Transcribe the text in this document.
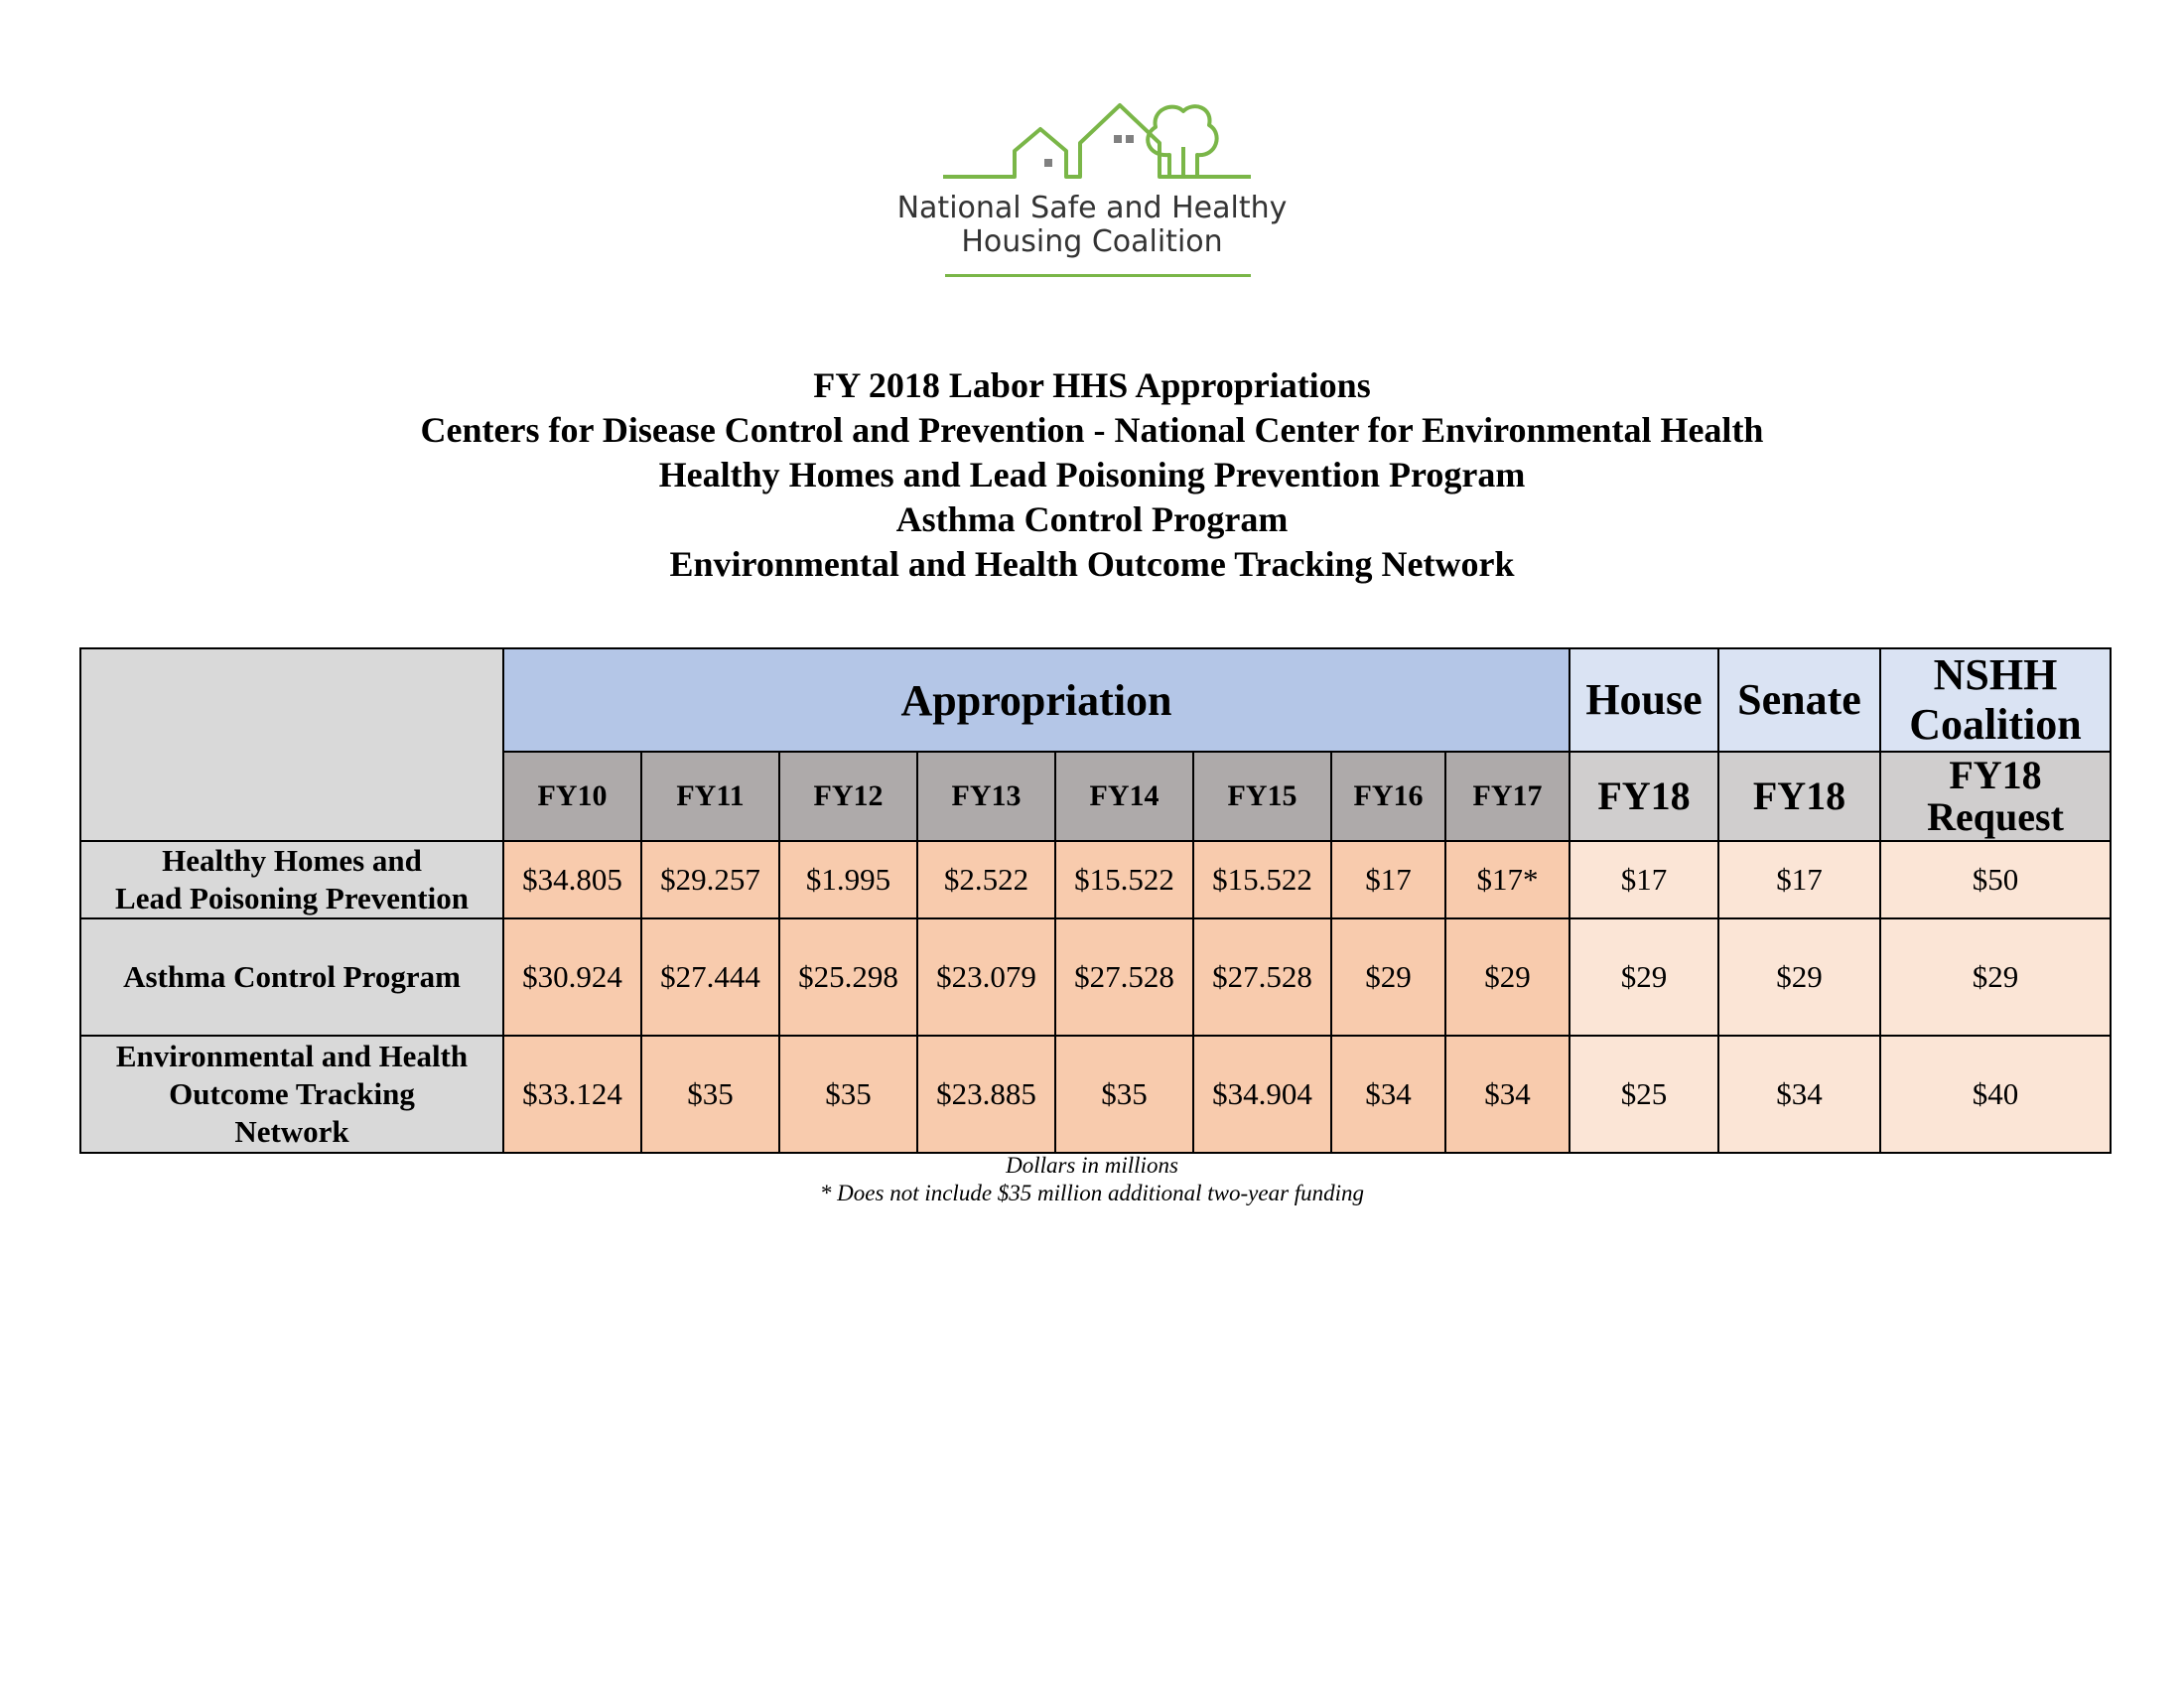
National Safe and Healthy
Housing Coalition
FY 2018 Labor HHS Appropriations
Centers for Disease Control and Prevention - National Center for Environmental Health
Healthy Homes and Lead Poisoning Prevention Program
Asthma Control Program
Environmental and Health Outcome Tracking Network
	Appropriation								House	Senate	NSHH
Coalition

	FY10	FY11	FY12	FY13	FY14	FY15	FY16	FY17	FY18	FY18	FY18
Request

Healthy Homes and
Lead Poisoning Prevention	$34.805	$29.257	$1.995	$2.522	$15.522	$15.522	$17	$17*	$17	$17	$50

Asthma Control Program	$30.924	$27.444	$25.298	$23.079	$27.528	$27.528	$29	$29	$29	$29	$29

Environmental and Health
Outcome Tracking
Network	$33.124	$35	$35	$23.885	$35	$34.904	$34	$34	$25	$34	$40
Dollars in millions
* Does not include $35 million additional two-year funding
